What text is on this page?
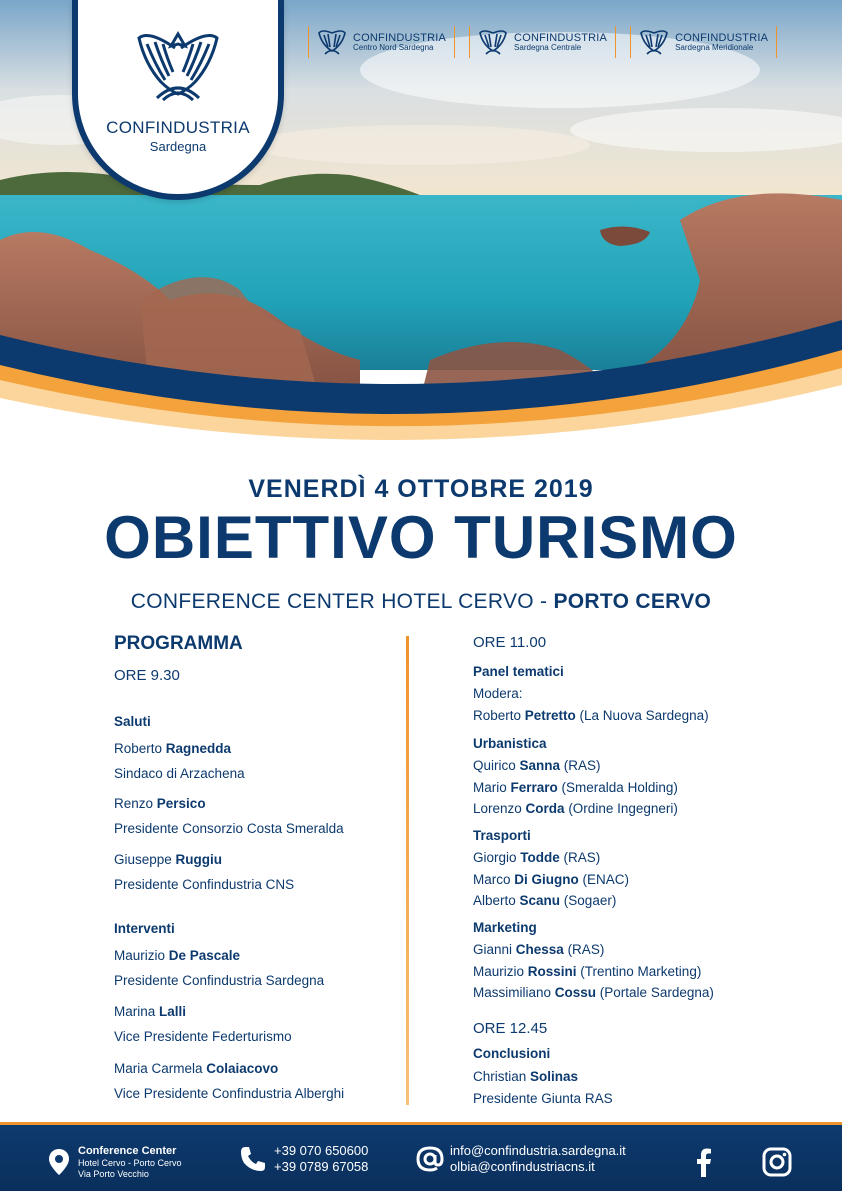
CONFINDUSTRIA
Sardegna
CONFINDUSTRIA
Centro Nord Sardegna
CONFINDUSTRIA
Sardegna Centrale
CONFINDUSTRIA
Sardegna Meridionale
VENERDÌ 4 OTTOBRE 2019
OBIETTIVO TURISMO
CONFERENCE CENTER HOTEL CERVO - PORTO CERVO
PROGRAMMA
ORE 9.30
Saluti
Roberto Ragnedda
Sindaco di Arzachena
Renzo Persico
Presidente Consorzio Costa Smeralda
Giuseppe Ruggiu
Presidente Confindustria CNS
Interventi
Maurizio De Pascale
Presidente Confindustria Sardegna
Marina Lalli
Vice Presidente Federturismo
Maria Carmela Colaiacovo
Vice Presidente Confindustria Alberghi
ORE 11.00
Panel tematici
Modera:
Roberto Petretto (La Nuova Sardegna)
Urbanistica
Quirico Sanna (RAS)
Mario Ferraro (Smeralda Holding)
Lorenzo Corda (Ordine Ingegneri)
Trasporti
Giorgio Todde (RAS)
Marco Di Giugno (ENAC)
Alberto Scanu (Sogaer)
Marketing
Gianni Chessa (RAS)
Maurizio Rossini (Trentino Marketing)
Massimiliano Cossu (Portale Sardegna)
ORE 12.45
Conclusioni
Christian Solinas
Presidente Giunta RAS
Conference Center
Hotel Cervo - Porto Cervo
Via Porto Vecchio
+39 070 650600
+39 0789 67058
info@confindustria.sardegna.it
olbia@confindustriacns.it
